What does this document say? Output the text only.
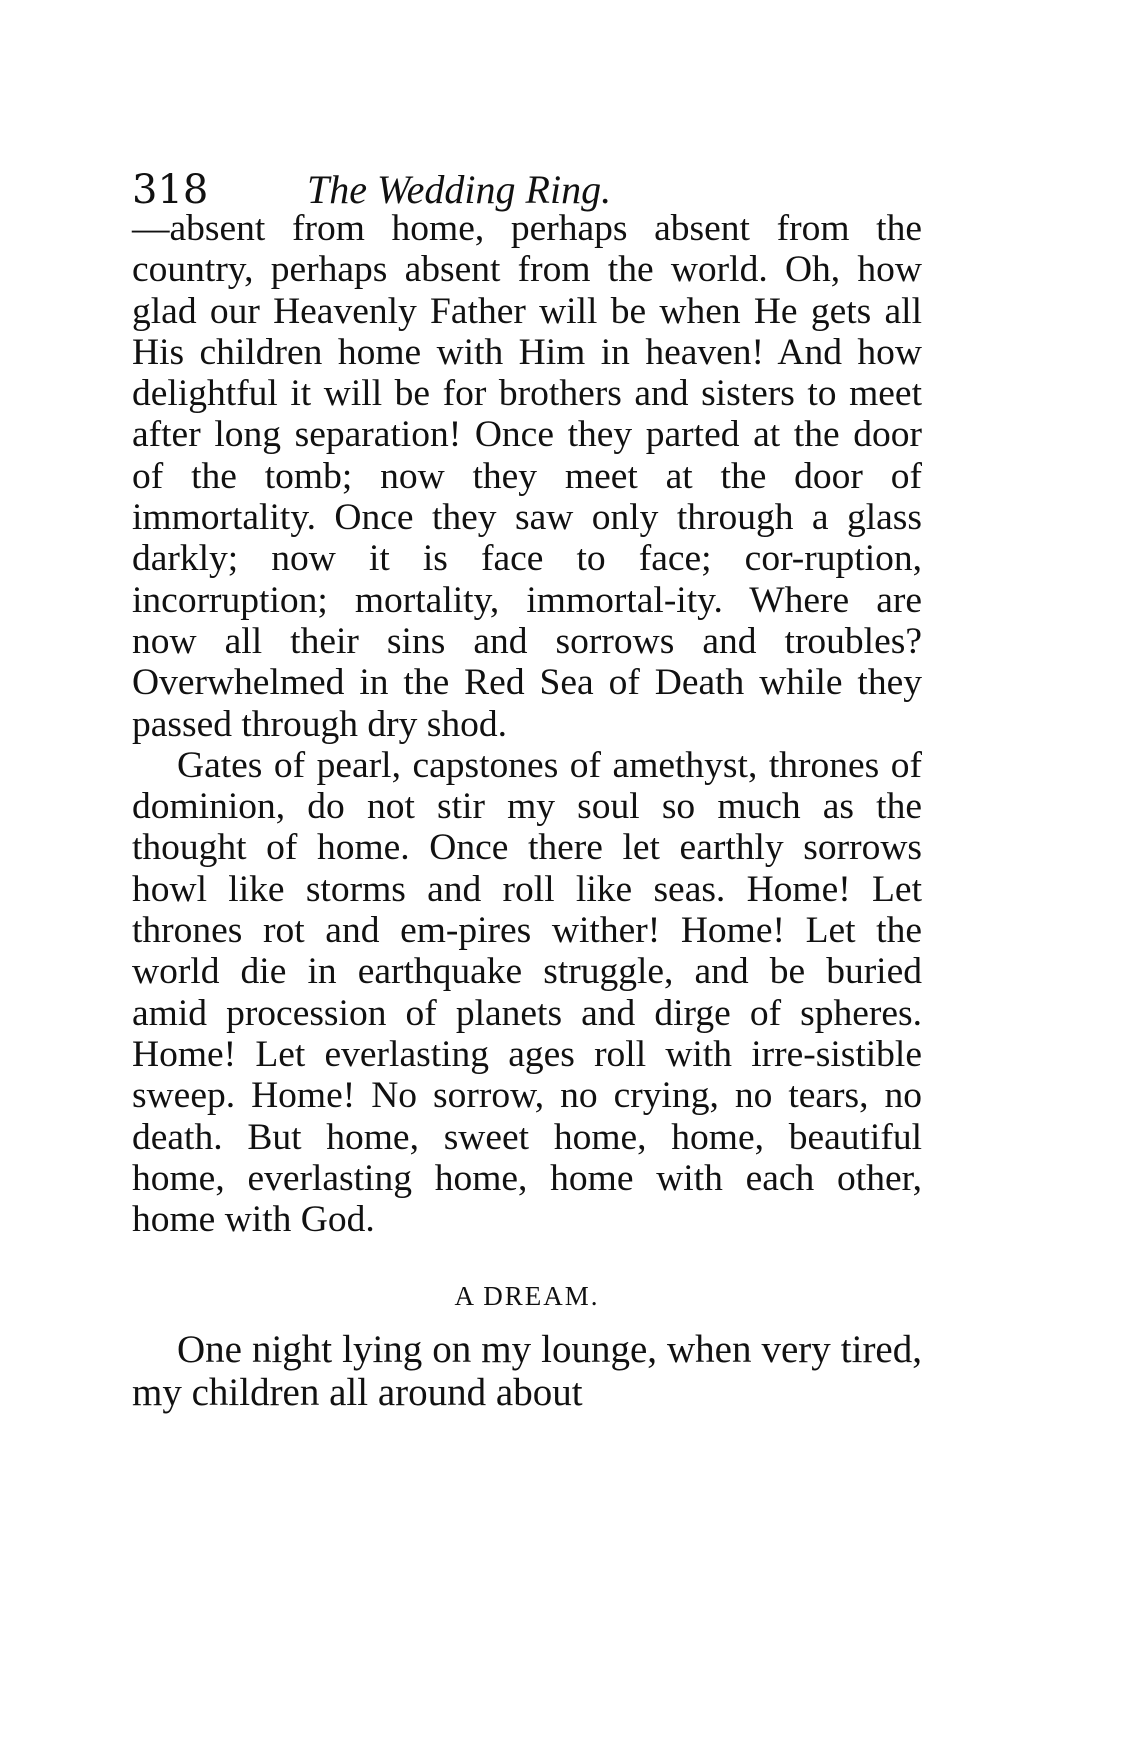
318 The Wedding Ring.

—absent from home, perhaps absent from the country, perhaps absent from the world. Oh, how glad our Heavenly Father will be when He gets all His children home with Him in heaven! And how delightful it will be for brothers and sisters to meet after long separation! Once they parted at the door of the tomb; now they meet at the door of immortality. Once they saw only through a glass darkly; now it is face to face; cor-ruption, incorruption; mortality, immortal-ity. Where are now all their sins and sorrows and troubles? Overwhelmed in the Red Sea of Death while they passed through dry shod.

Gates of pearl, capstones of amethyst, thrones of dominion, do not stir my soul so much as the thought of home. Once there let earthly sorrows howl like storms and roll like seas. Home! Let thrones rot and em-pires wither! Home! Let the world die in earthquake struggle, and be buried amid procession of planets and dirge of spheres. Home! Let everlasting ages roll with irre-sistible sweep. Home! No sorrow, no crying, no tears, no death. But home, sweet home, home, beautiful home, everlasting home, home with each other, home with God.

A DREAM.

One night lying on my lounge, when very tired, my children all around about
